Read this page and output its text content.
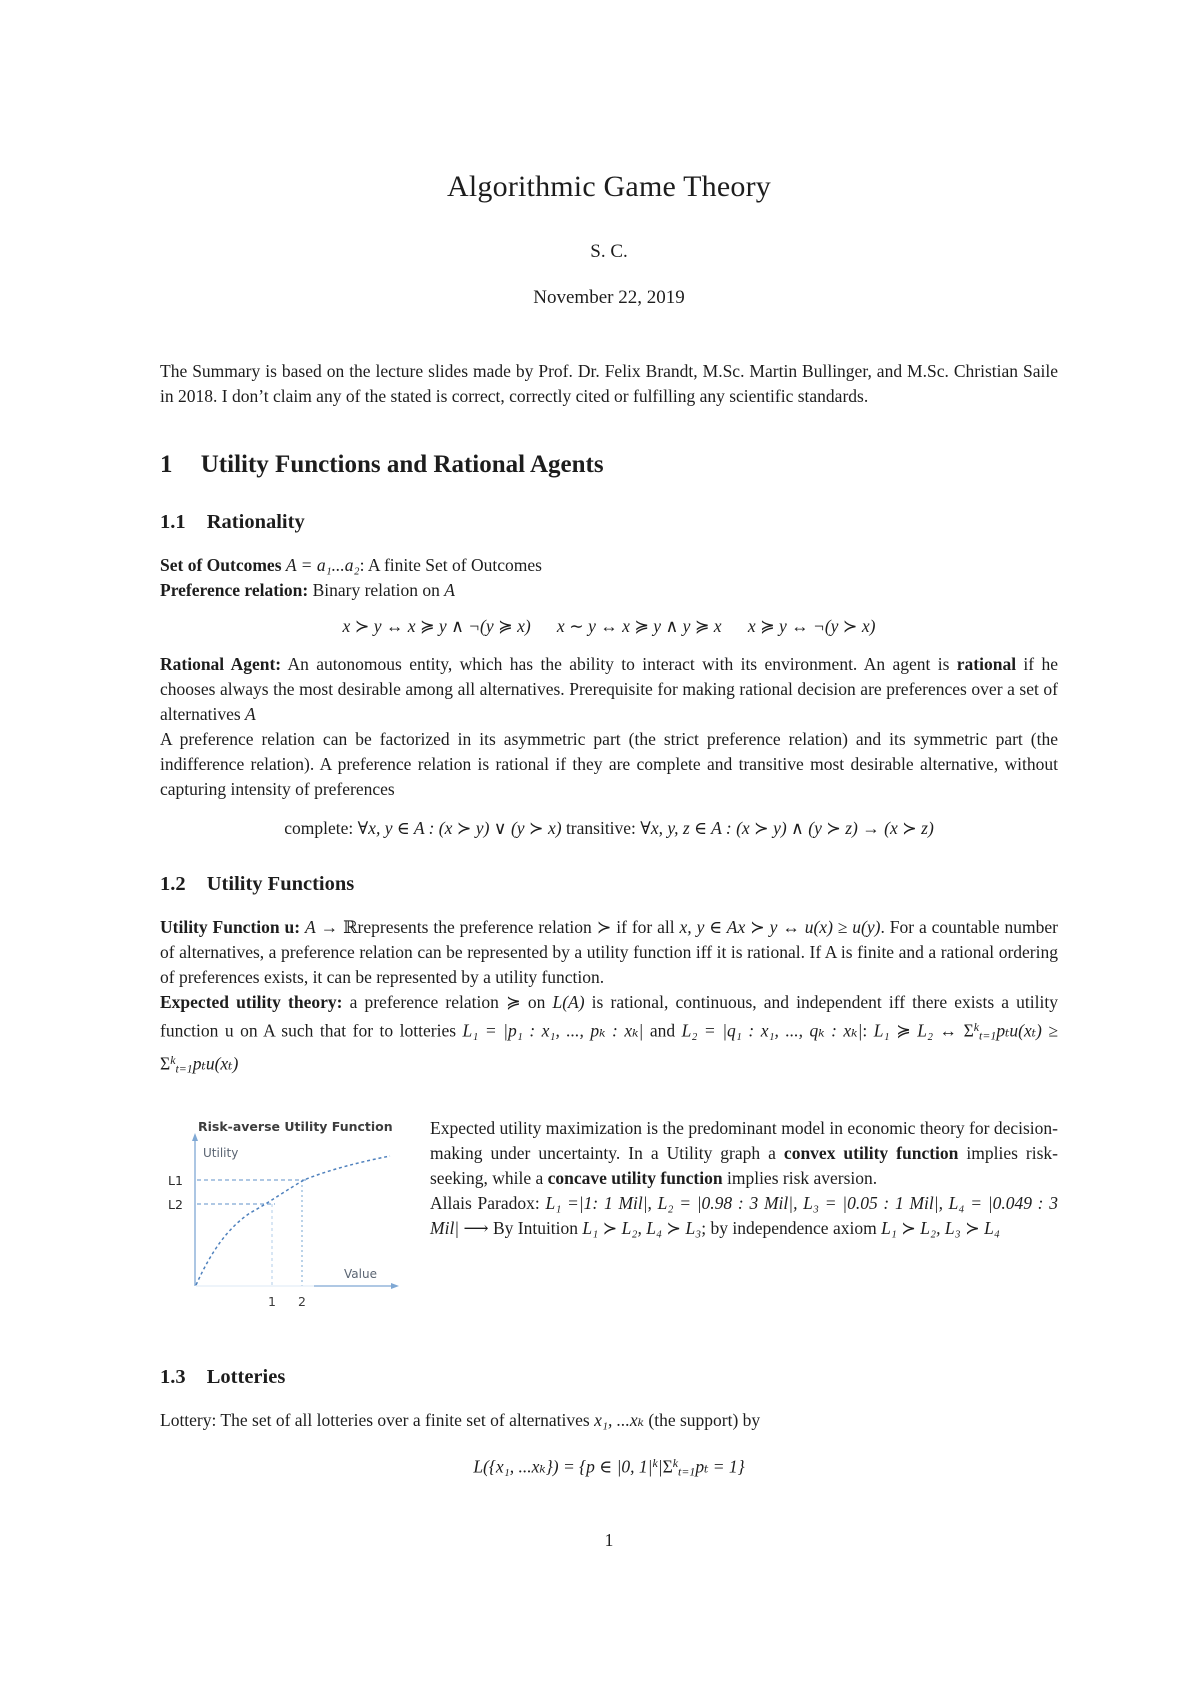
Algorithmic Game Theory
S. C.
November 22, 2019

The Summary is based on the lecture slides made by Prof. Dr. Felix Brandt, M.Sc. Martin Bullinger, and M.Sc. Christian Saile in 2018. I don’t claim any of the stated is correct, correctly cited or fulfilling any scientific standards.

1 Utility Functions and Rational Agents
1.1 Rationality

Set of Outcomes A = a₁...a₂: A finite Set of Outcomes

Preference relation: Binary relation on A

x ≻ y ↔ x ≽ y ∧ ¬(y ≽ x)   x ∼ y ↔ x ≽ y ∧ y ≽ x   x ≽ y ↔ ¬(y ≻ x)

Rational Agent: An autonomous entity, which has the ability to interact with its environment. An agent is rational if he chooses always the most desirable among all alternatives. Prerequisite for making rational decision are preferences over a set of alternatives A

A preference relation can be factorized in its asymmetric part (the strict preference relation) and its symmetric part (the indifference relation). A preference relation is rational if they are complete and transitive most desirable alternative, without capturing intensity of preferences

complete: ∀x, y ∈ A : (x ≻ y) ∨ (y ≻ x) transitive: ∀x, y, z ∈ A : (x ≻ y) ∧ (y ≻ z) → (x ≻ z)
1.2 Utility Functions

Utility Function u: A → ℝrepresents the preference relation ≻ if for all x, y ∈ Ax ≻ y ↔ u(x) ≥ u(y). For a countable number of alternatives, a preference relation can be represented by a utility function iff it is rational. If A is finite and a rational ordering of preferences exists, it can be represented by a utility function.

Expected utility theory: a preference relation ≽ on L(A) is rational, continuous, and independent iff there exists a utility function u on A such that for to lotteries L₁ = |p₁ : x₁, ..., pₖ : xₖ| and L₂ = |q₁ : x₁, ..., qₖ : xₖ|: L₁ ≽ L₂ ↔ $\Sigma^k_{t=1}p_tu(x_t) \ge \Sigma^k_{t=1}p_tu(x_t)$

Risk-averse Utility Function
Utility
L1
L2
Value
1 2

Expected utility maximization is the predominant model in economic theory for decision-making under uncertainty. In a Utility graph a convex utility function implies risk-seeking, while a concave utility function implies risk aversion.

Allais Paradox: L₁ =|1: 1 Mil|, L₂ = |0.98 : 3 Mil|, L₃ = |0.05 : 1 Mil|, L₄ = |0.049 : 3 Mil| ⟶ By Intuition L₁ ≻ L₂, L₄ ≻ L₃; by independence axiom L₁ ≻ L₂, L₃ ≻ L₄

1.3 Lotteries

Lottery: The set of all lotteries over a finite set of alternatives x₁, ...xₖ (the support) by

L({x₁, ...xₖ}) = {p ∈ |0, $1|^k|\Sigma^k_{t=1}p_t = 1$}
1
